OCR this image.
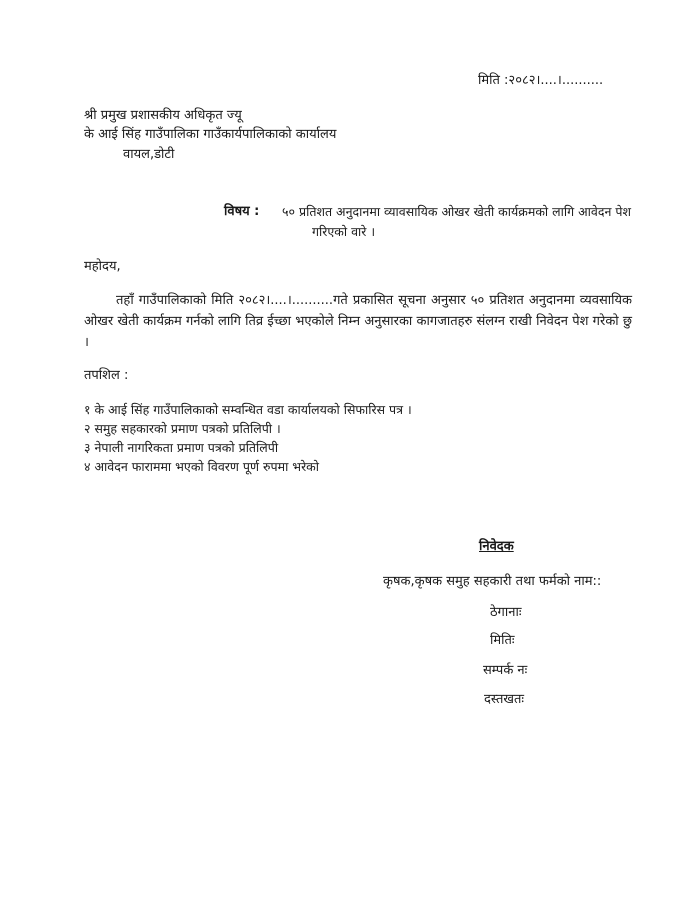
मिति :२०८२।....।..........
श्री प्रमुख प्रशासकीय अधिकृत ज्यू
के आई सिंह गाउँपालिका गाउँकार्यपालिकाको कार्यालय
वायल,डोटी
विषय : ५० प्रतिशत अनुदानमा व्यावसायिक ओखर खेती कार्यक्रमको लागि आवेदन पेश
गरिएको वारे ।
महोदय,
तहाँ गाउँपालिकाको मिति २०८२।....।..........गते प्रकासित सूचना अनुसार ५० प्रतिशत अनुदानमा व्यवसायिक ओखर खेती कार्यक्रम गर्नको लागि तिव्र ईच्छा भएकोले निम्न अनुसारका कागजातहरु संलग्न राखी निवेदन पेश गरेको छु ।
तपशिल :
१ के आई सिंह गाउँपालिकाको सम्वन्धित वडा कार्यालयको सिफारिस पत्र ।
२ समुह सहकारको प्रमाण पत्रको प्रतिलिपी ।
३ नेपाली नागरिकता प्रमाण पत्रको प्रतिलिपी
४ आवेदन फाराममा भएको विवरण पूर्ण रुपमा भरेको
निवेदक
कृषक,कृषक समुह सहकारी तथा फर्मको नाम::
ठेगानाः
मितिः
सम्पर्क नः
दस्तखतः
